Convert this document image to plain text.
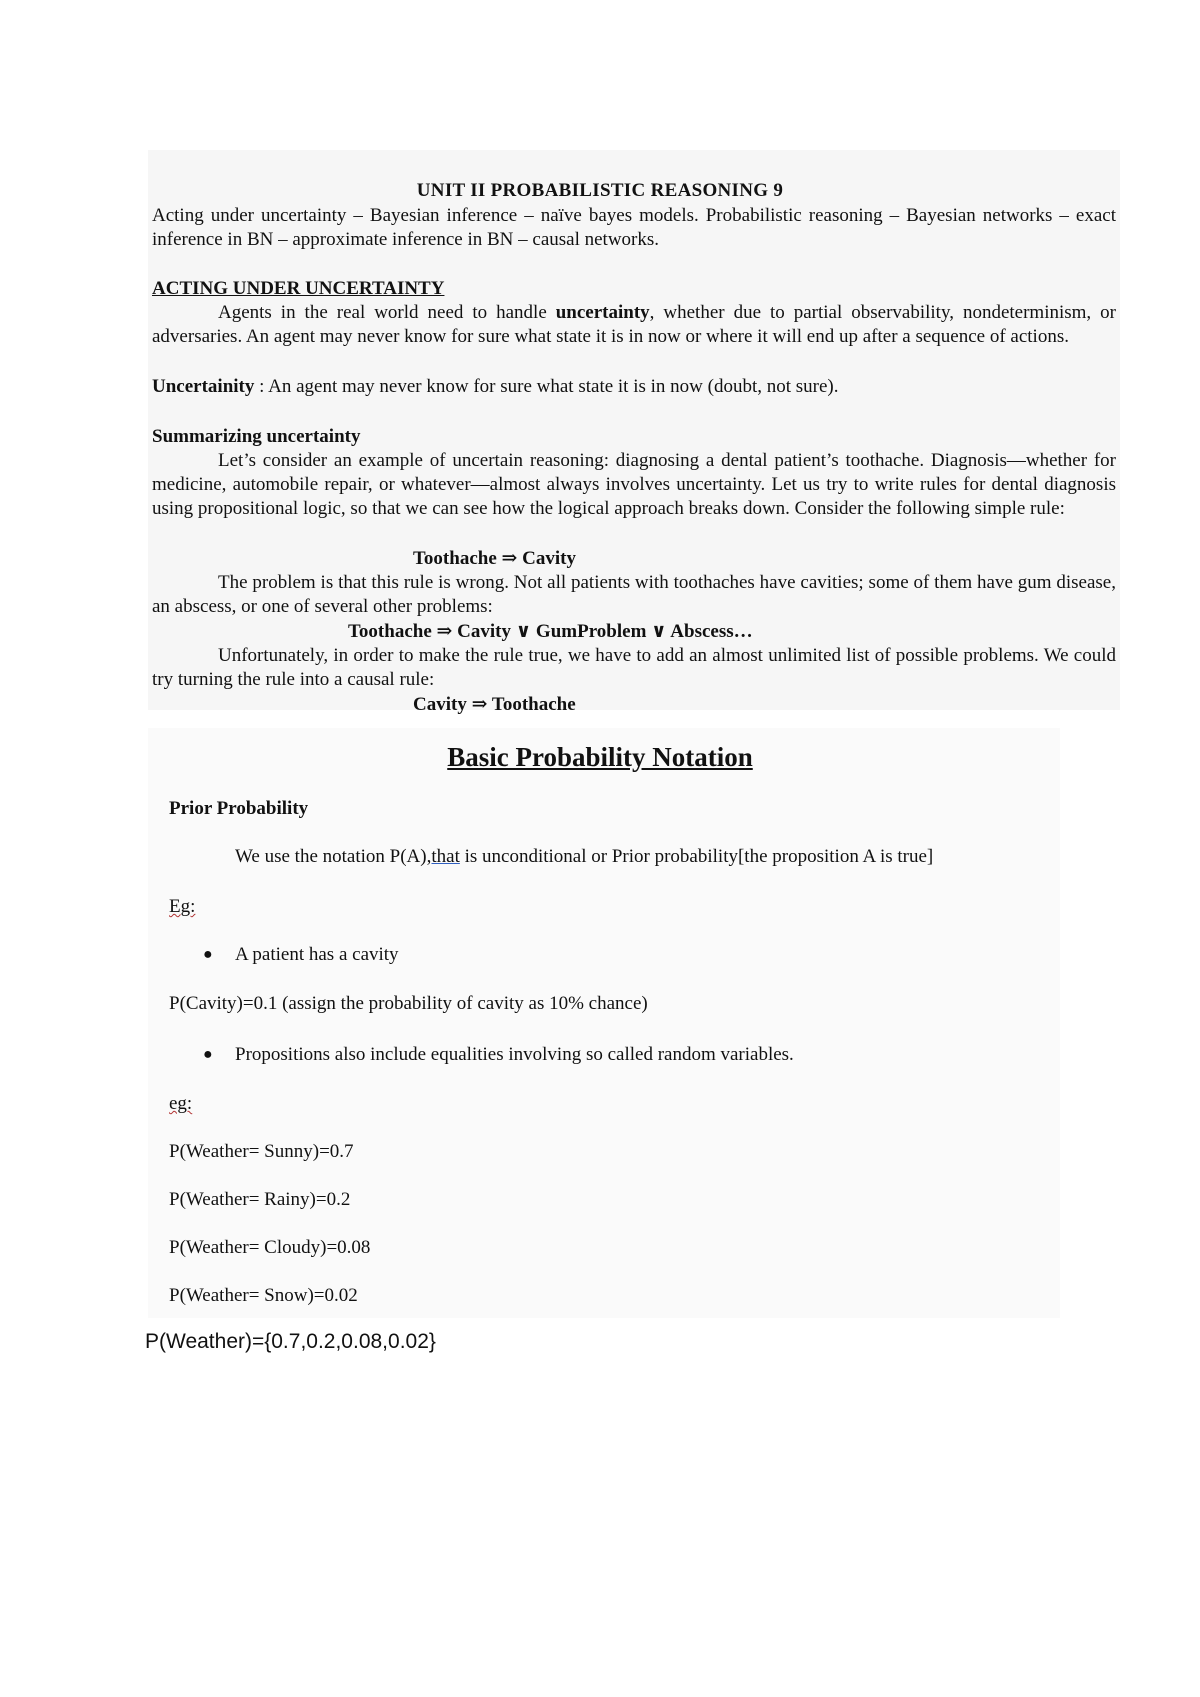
UNIT II PROBABILISTIC REASONING 9

Acting under uncertainty – Bayesian inference – naïve bayes models. Probabilistic reasoning – Bayesian networks – exact inference in BN – approximate inference in BN – causal networks.

ACTING UNDER UNCERTAINTY

Agents in the real world need to handle uncertainty, whether due to partial observability, nondeterminism, or adversaries. An agent may never know for sure what state it is in now or where it will end up after a sequence of actions.

Uncertainity : An agent may never know for sure what state it is in now (doubt, not sure).

Summarizing uncertainty

Let’s consider an example of uncertain reasoning: diagnosing a dental patient’s toothache. Diagnosis—whether for medicine, automobile repair, or whatever—almost always involves uncertainty. Let us try to write rules for dental diagnosis using propositional logic, so that we can see how the logical approach breaks down. Consider the following simple rule:

Toothache ⇒ Cavity

The problem is that this rule is wrong. Not all patients with toothaches have cavities; some of them have gum disease, an abscess, or one of several other problems:

Toothache ⇒ Cavity ∨ GumProblem ∨ Abscess…

Unfortunately, in order to make the rule true, we have to add an almost unlimited list of possible problems. We could try turning the rule into a causal rule:

Cavity ⇒ Toothache
Basic Probability Notation
Prior Probability
We use the notation P(A),that is unconditional or Prior probability[the proposition A is true]
Eg:
● A patient has a cavity
P(Cavity)=0.1 (assign the probability of cavity as 10% chance)
● Propositions also include equalities involving so called random variables.
eg:
P(Weather= Sunny)=0.7
P(Weather= Rainy)=0.2
P(Weather= Cloudy)=0.08
P(Weather= Snow)=0.02
P(Weather)={0.7,0.2,0.08,0.02}
